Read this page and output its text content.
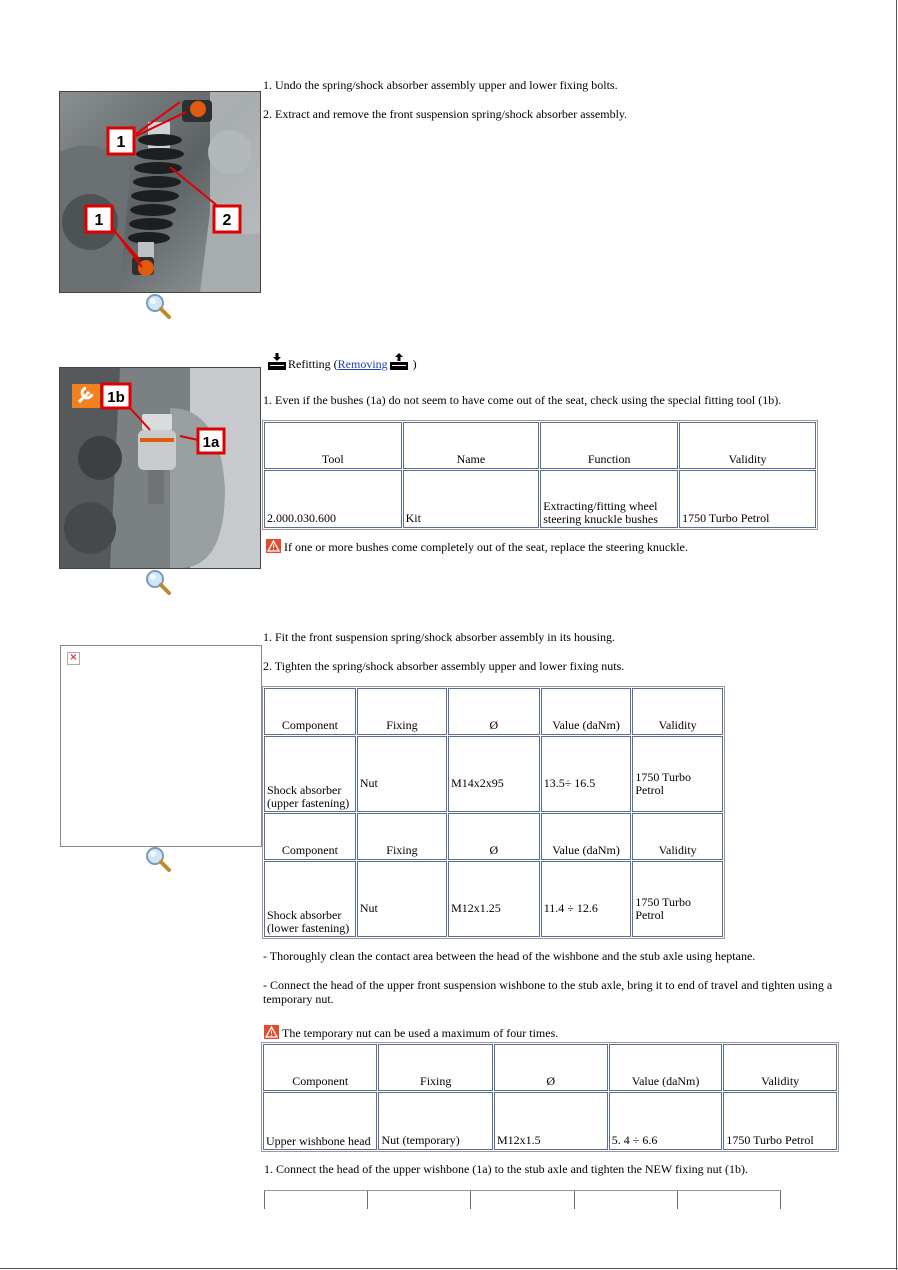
1
1	2
1. Undo the spring/shock absorber assembly upper and lower fixing bolts.
2. Extract and remove the front suspension spring/shock absorber assembly.
1b
1a
Refitting (Removing )
1. Even if the bushes (1a) do not seem to have come out of the seat, check using the special fitting tool (1b).
Tool	Name	Function	Validity
2.000.030.600	Kit	Extracting/fitting wheel steering knuckle bushes	1750 Turbo Petrol
If one or more bushes come completely out of the seat, replace the steering knuckle.
×
1. Fit the front suspension spring/shock absorber assembly in its housing.
2. Tighten the spring/shock absorber assembly upper and lower fixing nuts.
Component	Fixing	Ø	Value (daNm)	Validity
Shock absorber (upper fastening)	Nut	M14x2x95	13.5÷ 16.5	1750 Turbo Petrol
Component	Fixing	Ø	Value (daNm)	Validity
Shock absorber (lower fastening)	Nut	M12x1.25	11.4 ÷ 12.6	1750 Turbo Petrol
- Thoroughly clean the contact area between the head of the wishbone and the stub axle using heptane.
- Connect the head of the upper front suspension wishbone to the stub axle, bring it to end of travel and tighten using a temporary nut.
The temporary nut can be used a maximum of four times.
Component	Fixing	Ø	Value (daNm)	Validity
Upper wishbone head	Nut (temporary)	M12x1.5	5. 4 ÷ 6.6	1750 Turbo Petrol
1. Connect the head of the upper wishbone (1a) to the stub axle and tighten the NEW fixing nut (1b).
